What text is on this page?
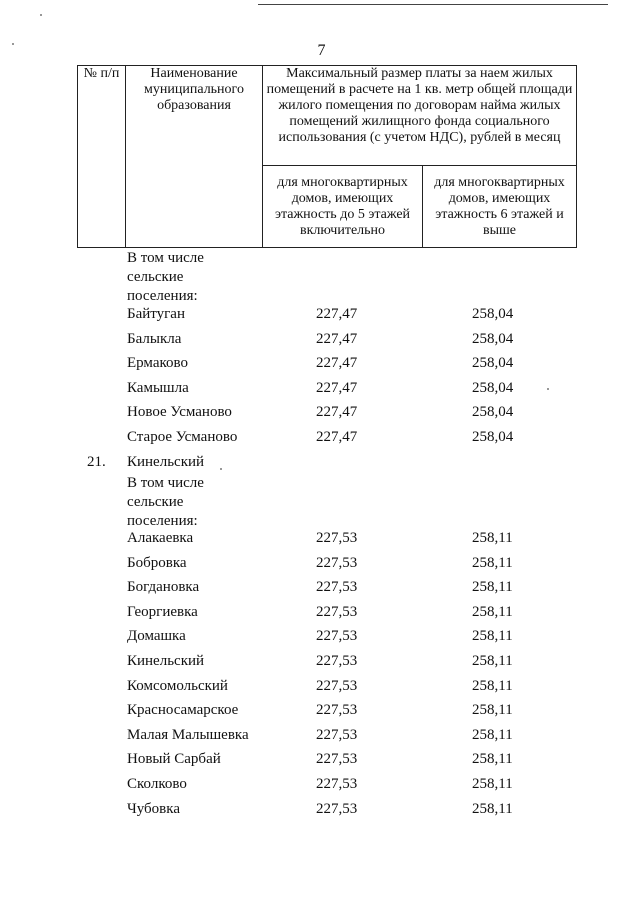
7
№ п/п	Наименование муниципального образования	Максимальный размер платы за наем жилых помещений в расчете на 1 кв. метр общей площади жилого помещения по договорам найма жилых помещений жилищного фонда социального использования (с учетом НДС), рублей в месяц	
		для многоквартирных домов, имеющих этажность до 5 этажей включительно	для многоквартирных домов, имеющих этажность 6 этажей и выше
В том числе сельские поселения:
Байтуган	227,47	258,04
Балыкла	227,47	258,04
Ермаково	227,47	258,04
Камышла	227,47	258,04
Новое Усманово	227,47	258,04
Старое Усманово	227,47	258,04
21. Кинельский
В том числе сельские поселения:
Алакаевка	227,53	258,11
Бобровка	227,53	258,11
Богдановка	227,53	258,11
Георгиевка	227,53	258,11
Домашка	227,53	258,11
Кинельский	227,53	258,11
Комсомольский	227,53	258,11
Красносамарское	227,53	258,11
Малая Малышевка	227,53	258,11
Новый Сарбай	227,53	258,11
Сколково	227,53	258,11
Чубовка	227,53	258,11
